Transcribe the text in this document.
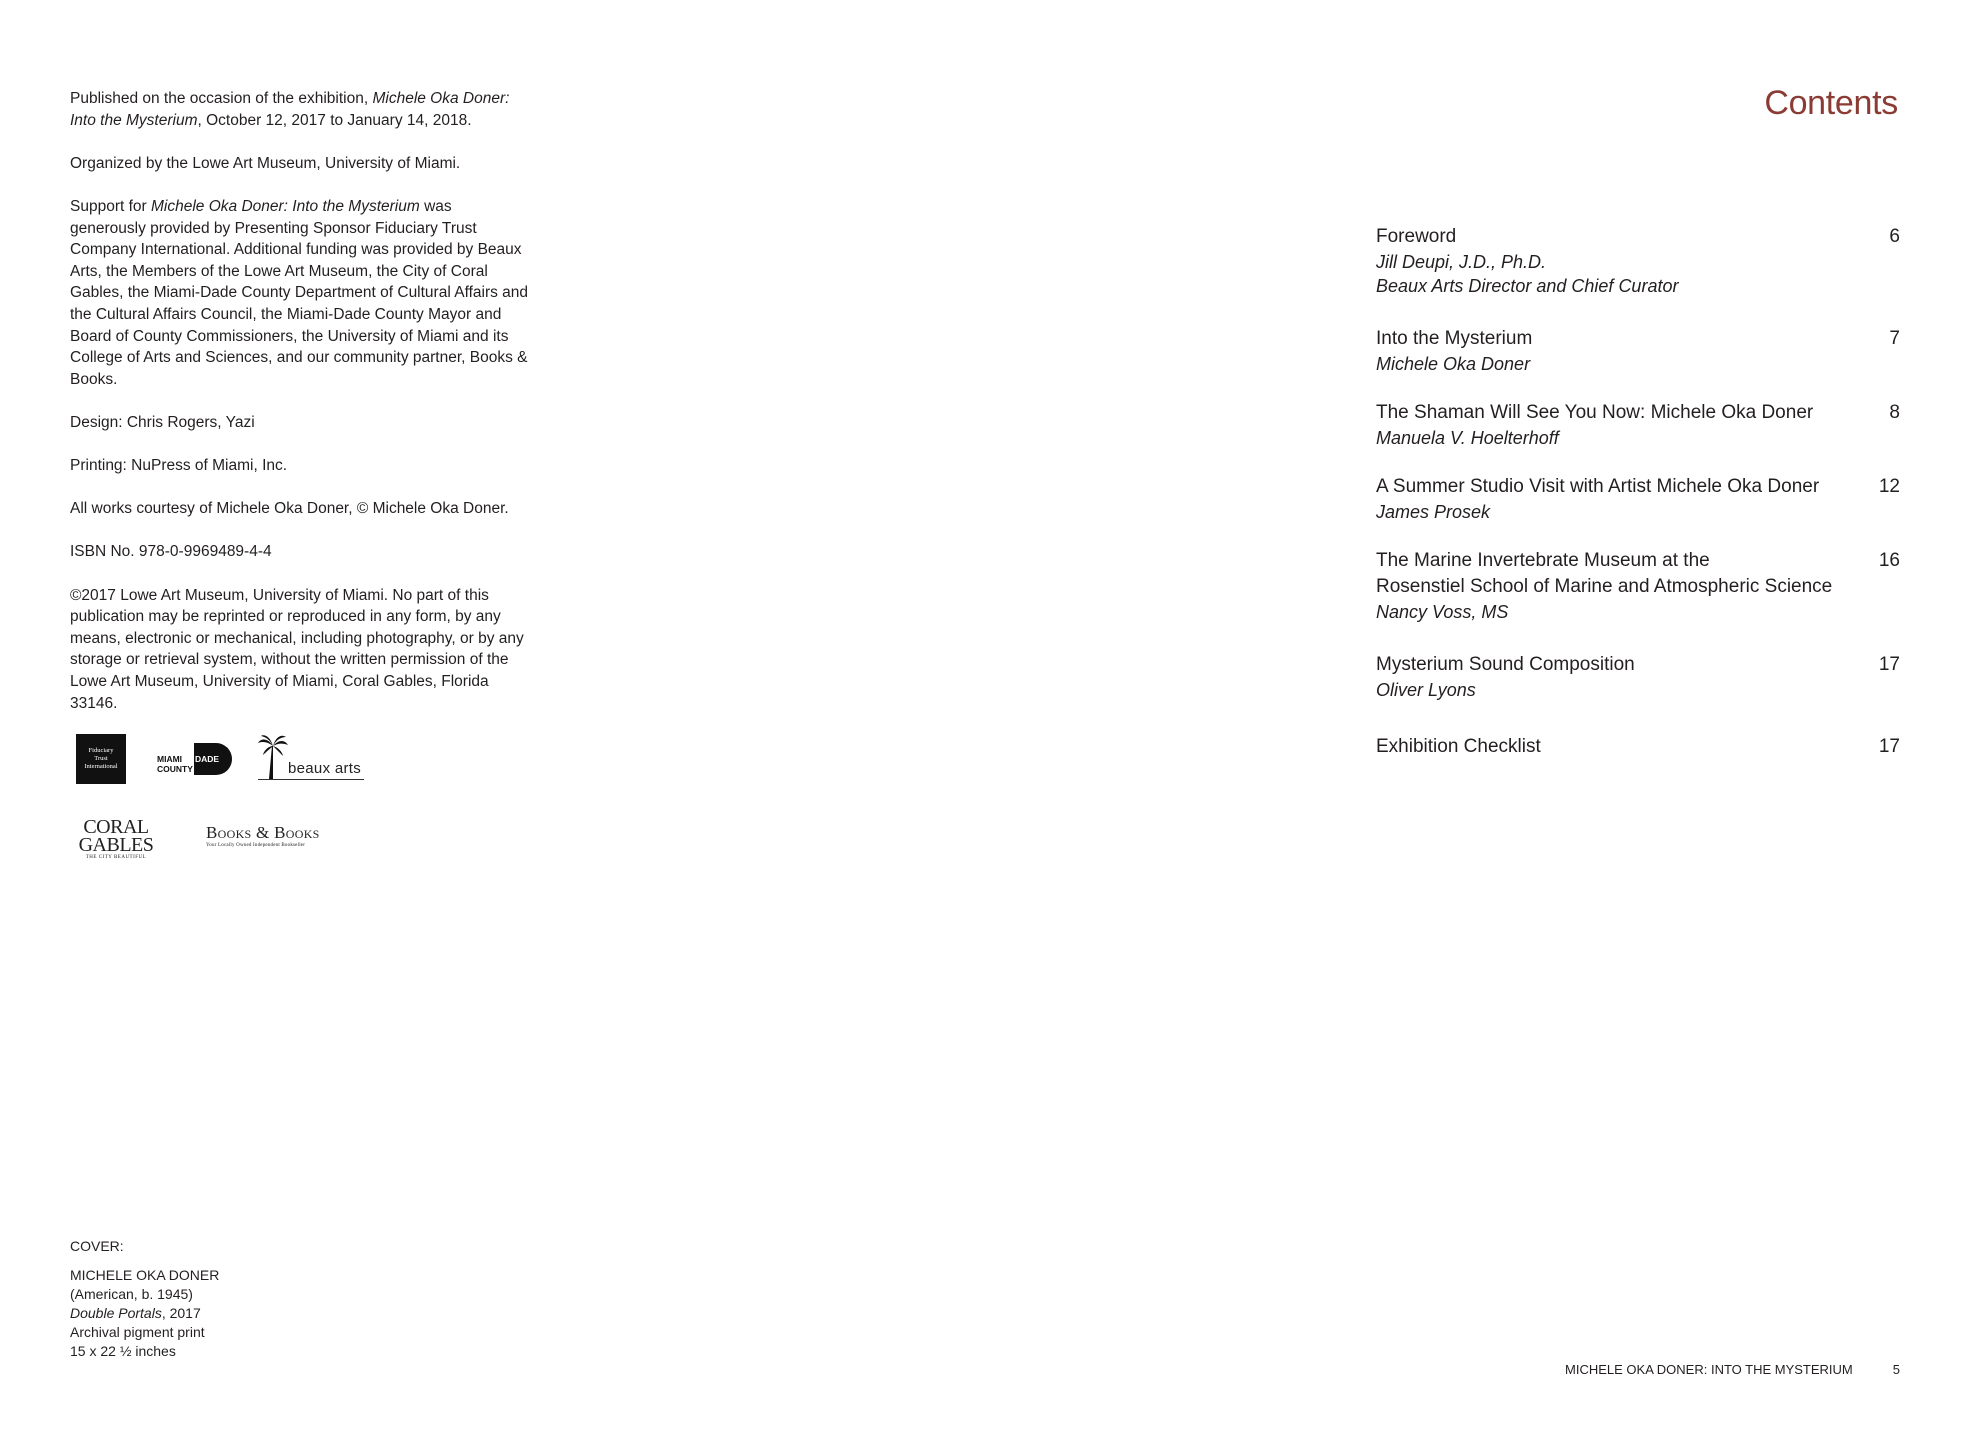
Published on the occasion of the exhibition, Michele Oka Doner: Into the Mysterium, October 12, 2017 to January 14, 2018.

Organized by the Lowe Art Museum, University of Miami.

Support for Michele Oka Doner: Into the Mysterium was generously provided by Presenting Sponsor Fiduciary Trust Company International. Additional funding was provided by Beaux Arts, the Members of the Lowe Art Museum, the City of Coral Gables, the Miami-Dade County Department of Cultural Affairs and the Cultural Affairs Council, the Miami-Dade County Mayor and Board of County Commissioners, the University of Miami and its College of Arts and Sciences, and our community partner, Books & Books.

Design: Chris Rogers, Yazi

Printing: NuPress of Miami, Inc.

All works courtesy of Michele Oka Doner, © Michele Oka Doner.

ISBN No. 978-0-9969489-4-4

©2017 Lowe Art Museum, University of Miami. No part of this publication may be reprinted or reproduced in any form, by any means, electronic or mechanical, including photography, or by any storage or retrieval system, without the written permission of the Lowe Art Museum, University of Miami, Coral Gables, Florida 33146.

Fiduciary
Trust
International
MIAMI DADE
COUNTY	beaux arts
CORAL
GABLES
THE CITY BEAUTIFUL
Books & Books
Your Locally Owned Independent Bookseller
COVER:
MICHELE OKA DONER
(American, b. 1945)
Double Portals, 2017
Archival pigment print
15 x 22 ½ inches
Contents
Foreword
Jill Deupi, J.D., Ph.D.
Beaux Arts Director and Chief Curator
6
Into the Mysterium
Michele Oka Doner
7
The Shaman Will See You Now: Michele Oka Doner
Manuela V. Hoelterhoff
8
A Summer Studio Visit with Artist Michele Oka Doner
James Prosek
12
The Marine Invertebrate Museum at the
Rosenstiel School of Marine and Atmospheric Science
Nancy Voss, MS
16
Mysterium Sound Composition
Oliver Lyons
17
Exhibition Checklist	17
MICHELE OKA DONER: INTO THE MYSTERIUM	5
